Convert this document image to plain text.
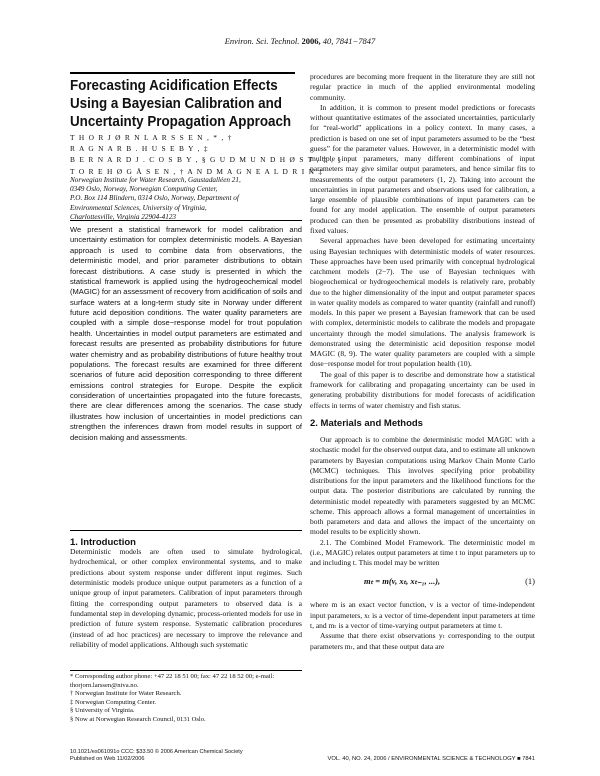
Environ. Sci. Technol. 2006, 40, 7841−7847
Forecasting Acidification Effects
Using a Bayesian Calibration and
Uncertainty Propagation Approach
T H O R J Ø R N L A R S S E N , * , †
R A G N A R B . H U S E B Y , ‡
B E R N A R D J . C O S B Y , § G U D M U N D H Ø S T , ‡ , §
T O R E H Ø G Å S E N , † A N D M A G N E A L D R I N ‡
Norwegian Institute for Water Research, Gaustadalléen 21,
0349 Oslo, Norway, Norwegian Computing Center,
P.O. Box 114 Blindern, 0314 Oslo, Norway, Department of
Environmental Sciences, University of Virginia,
Charlottesville, Virginia 22904-4123
We present a statistical framework for model calibration and uncertainty estimation for complex deterministic models. A Bayesian approach is used to combine data from observations, the deterministic model, and prior parameter distributions to obtain forecast distributions. A case study is presented in which the statistical framework is applied using the hydrogeochemical model (MAGIC) for an assessment of recovery from acidification of soils and surface waters at a long-term study site in Norway under different future acid deposition conditions. The water quality parameters are coupled with a simple dose−response model for trout population health. Uncertainties in model output parameters are estimated and forecast results are presented as probability distributions for future water chemistry and as probability distributions of future healthy trout populations. The forecast results are examined for three different scenarios of future acid deposition corresponding to three different emissions control strategies for Europe. Despite the explicit consideration of uncertainties propagated into the future forecasts, there are clear differences among the scenarios. The case study illustrates how inclusion of uncertainties in model predictions can strengthen the inferences drawn from model results in support of decision making and assessments.
1. Introduction
Deterministic models are often used to simulate hydrological, hydrochemical, or other complex environmental systems, and to make predictions about system response under different input regimes. Such deterministic models produce unique output parameters as a function of a unique group of input parameters. Calibration of input parameters through fitting the corresponding output parameters to observed data is a fundamental step in developing dynamic, process-oriented models for use in prediction of future system response. Systematic calibration procedures (instead of ad hoc practices) are necessary to improve the relevance and reliability of model applications. Although such systematic
* Corresponding author phone: +47 22 18 51 00; fax: 47 22 18 52 00; e-mail: thorjorn.larssen@niva.no.
† Norwegian Institute for Water Research.
‡ Norwegian Computing Center.
§ University of Virginia.
§ Now at Norwegian Research Council, 0131 Oslo.
10.1021/es061091o CCC: $33.50 © 2006 American Chemical Society
Published on Web 11/02/2006

procedures are becoming more frequent in the literature they are still not regular practice in much of the applied environmental modeling community.

In addition, it is common to present model predictions or forecasts without quantitative estimates of the associated uncertainties, particularly for “real-world” applications in a policy context. In many cases, a prediction is based on one set of input parameters assumed to be the “best guess” for the parameter values. However, in a deterministic model with multiple input parameters, many different combinations of input parameters may give similar output parameters, and hence similar fits to measurements of the output parameters (1, 2). Taking into account the uncertainties in input parameters and observations used for calibration, a large ensemble of plausible combinations of input parameters can be found for any model application. The ensemble of output parameters produced can then be presented as probability distributions instead of fixed values.

Several approaches have been developed for estimating uncertainty using Bayesian techniques with deterministic models of water resources. These approaches have been used primarily with conceptual hydrological catchment models (2−7). The use of Bayesian techniques with biogeochemical or hydrogeochemical models is relatively rare, probably due to the higher dimensionality of the input and output parameter spaces in water quality models as compared to water quantity (rainfall and runoff) models. In this paper we present a Bayesian framework that can be used with complex, deterministic models to calibrate the models and propagate uncertainty through the model simulations. The analysis framework is demonstrated using the deterministic acid deposition response model MAGIC (8, 9). The water quality parameters are coupled with a simple dose−response model for trout population health (10).

The goal of this paper is to describe and demonstrate how a statistical framework for calibrating and propagating uncertainty can be used in generating probability distributions for model forecasts of acidification effects in terms of water chemistry and fish status.

2. Materials and Methods

Our approach is to combine the deterministic model MAGIC with a stochastic model for the observed output data, and to estimate all unknown parameters by Bayesian computations using Markov Chain Monte Carlo (MCMC) techniques. This involves specifying prior probability distributions for the input parameters and the likelihood functions for the output data. The posterior distributions are calculated by running the deterministic model repeatedly with parameters suggested by an MCMC scheme. This approach allows a formal management of uncertainties in both parameters and data and allows the impact of the uncertainty on model results to be explicitly shown.

2.1. The Combined Model Framework. The deterministic model m (i.e., MAGIC) relates output parameters at time t to input parameters up to and including t. This model may be written

mₜ = m(v, xₜ, xₜ₋₁, ...),	(1)

where m is an exact vector function, v is a vector of time-independent input parameters, xₜ is a vector of time-dependent input parameters at time t, and mₜ is a vector of time-varying output parameters at time t.

Assume that there exist observations yₜ corresponding to the output parameters mₜ, and that these output data are

VOL. 40, NO. 24, 2006 / ENVIRONMENTAL SCIENCE & TECHNOLOGY ■ 7841
